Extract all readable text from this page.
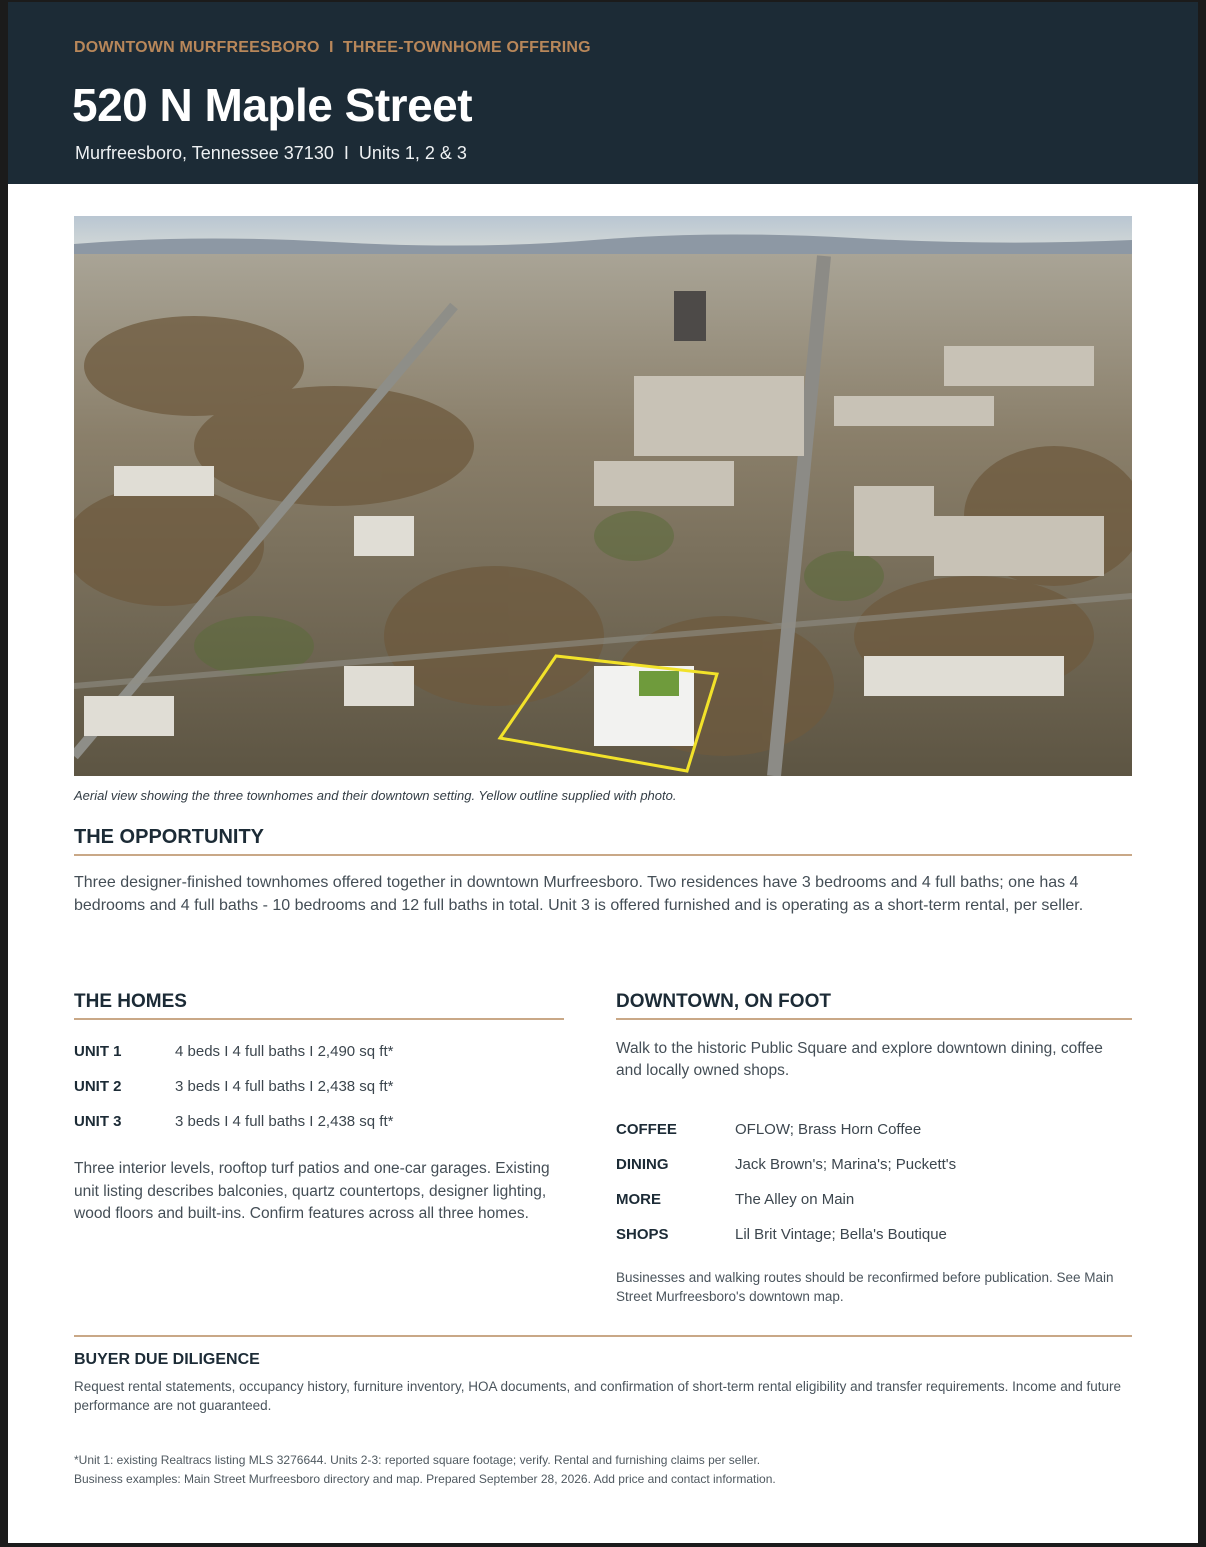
DOWNTOWN MURFREESBORO  I  THREE-TOWNHOME OFFERING
520 N Maple Street
Murfreesboro, Tennessee 37130  I  Units 1, 2 & 3
Aerial view showing the three townhomes and their downtown setting. Yellow outline supplied with photo.
THE OPPORTUNITY
Three designer-finished townhomes offered together in downtown Murfreesboro. Two residences have 3 bedrooms and 4 full baths; one has 4 bedrooms and 4 full baths - 10 bedrooms and 12 full baths in total. Unit 3 is offered furnished and is operating as a short-term rental, per seller.
THE HOMES
UNIT 1	4 beds I 4 full baths I 2,490 sq ft*
UNIT 2	3 beds I 4 full baths I 2,438 sq ft*
UNIT 3	3 beds I 4 full baths I 2,438 sq ft*
Three interior levels, rooftop turf patios and one-car garages. Existing unit listing describes balconies, quartz countertops, designer lighting, wood floors and built-ins. Confirm features across all three homes.
DOWNTOWN, ON FOOT
Walk to the historic Public Square and explore downtown dining, coffee and locally owned shops.
COFFEE	OFLOW; Brass Horn Coffee
DINING	Jack Brown's; Marina's; Puckett's
MORE	The Alley on Main
SHOPS	Lil Brit Vintage; Bella's Boutique
Businesses and walking routes should be reconfirmed before publication. See Main Street Murfreesboro's downtown map.
BUYER DUE DILIGENCE
Request rental statements, occupancy history, furniture inventory, HOA documents, and confirmation of short-term rental eligibility and transfer requirements. Income and future performance are not guaranteed.
*Unit 1: existing Realtracs listing MLS 3276644. Units 2-3: reported square footage; verify. Rental and furnishing claims per seller.
Business examples: Main Street Murfreesboro directory and map. Prepared September 28, 2026. Add price and contact information.
